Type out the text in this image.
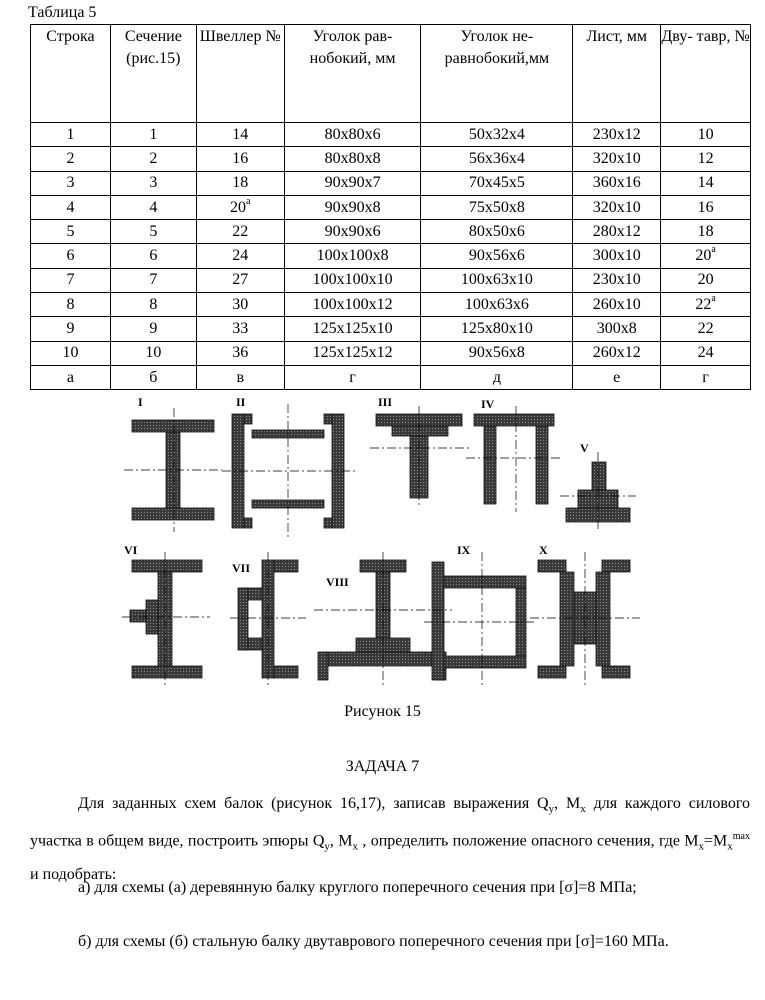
Таблица 5
Строка	Сечение (рис.15)	Швеллер №	Уголок рав- нобокий, мм	Уголок не- равнобокий,мм	Лист, мм	Дву- тавр, №
1	1	14	80х80х6	50х32х4	230х12	10
2	2	16	80х80х8	56х36х4	320х10	12
3	3	18	90х90х7	70х45х5	360х16	14
4	4	$20^а$	90х90х8	75х50х8	320х10	16
5	5	22	90х90х6	80х50х6	280х12	18
6	6	24	100х100х8	90х56х6	300х10	$20^а$
7	7	27	100х100х10	100х63х10	230х10	20
8	8	30	100х100х12	100х63х6	260х10	$22^а$
9	9	33	125х125х10	125х80х10	300х8	22
10	10	36	125х125х12	90х56х8	260х12	24
а	б	в	г	д	е	г
I	II	III	IV
V
VI
VII
VIII
IX	X
Рисунок 15
ЗАДАЧА 7
Для заданных схем балок (рисунок 16,17), записав выражения $Q_y$, $M_x$ для каждого силового участка в общем виде, построить эпюры $Q_y$, $M_x$ , определить положение опасного сечения, где $M_x=M_x^{max}$ и подобрать:
а) для схемы (а) деревянную балку круглого поперечного сечения при [σ]=8 МПа;
б) для схемы (б) стальную балку двутаврового поперечного сечения при [σ]=160 МПа.
